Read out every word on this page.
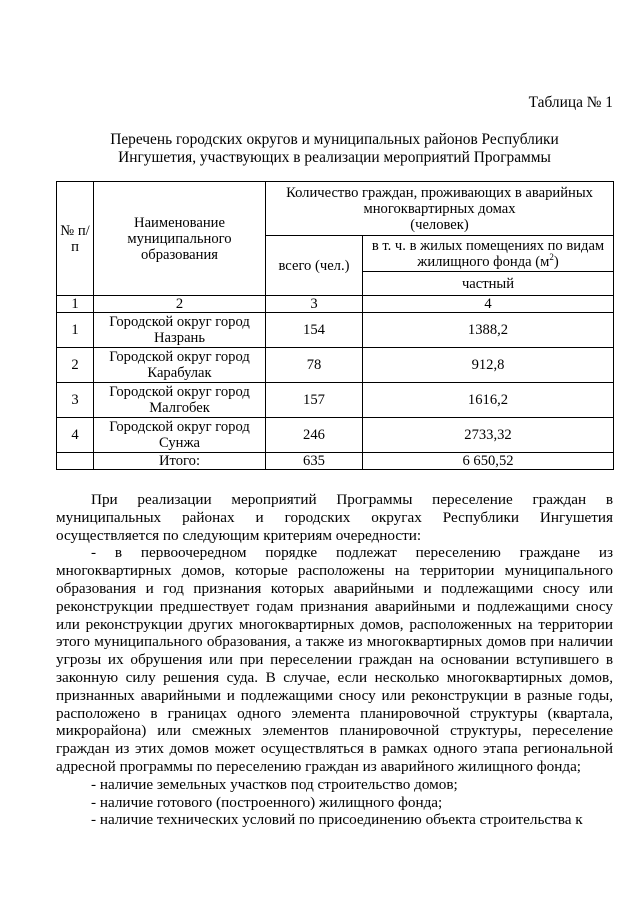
Таблица № 1
Перечень городских округов и муниципальных районов Республики
Ингушетия, участвующих в реализации мероприятий Программы
№ п/п	Наименование муниципального образования	Количество граждан, проживающих в аварийных многоквартирных домах
(человек)	

		всего (чел.)	в т. ч. в жилых помещениях по видам жилищного фонда $(м^2)$
			частный
1	2	3	4
1	Городской округ город Назрань	154	1388,2
2	Городской округ город Карабулак	78	912,8
3	Городской округ город Малгобек	157	1616,2
4	Городской округ город Сунжа	246	2733,32
	Итого:	635	6 650,52

При реализации мероприятий Программы переселение граждан в муниципальных районах и городских округах Республики Ингушетия осуществляется по следующим критериям очередности:

- в первоочередном порядке подлежат переселению граждане из многоквартирных домов, которые расположены на территории муниципального образования и год признания которых аварийными и подлежащими сносу или реконструкции предшествует годам признания аварийными и подлежащими сносу или реконструкции других многоквартирных домов, расположенных на территории этого муниципального образования, а также из многоквартирных домов при наличии угрозы их обрушения или при переселении граждан на основании вступившего в законную силу решения суда. В случае, если несколько многоквартирных домов, признанных аварийными и подлежащими сносу или реконструкции в разные годы, расположено в границах одного элемента планировочной структуры (квартала, микрорайона) или смежных элементов планировочной структуры, переселение граждан из этих домов может осуществляться в рамках одного этапа региональной адресной программы по переселению граждан из аварийного жилищного фонда;

- наличие земельных участков под строительство домов;

- наличие готового (построенного) жилищного фонда;

- наличие технических условий по присоединению объекта строительства к
